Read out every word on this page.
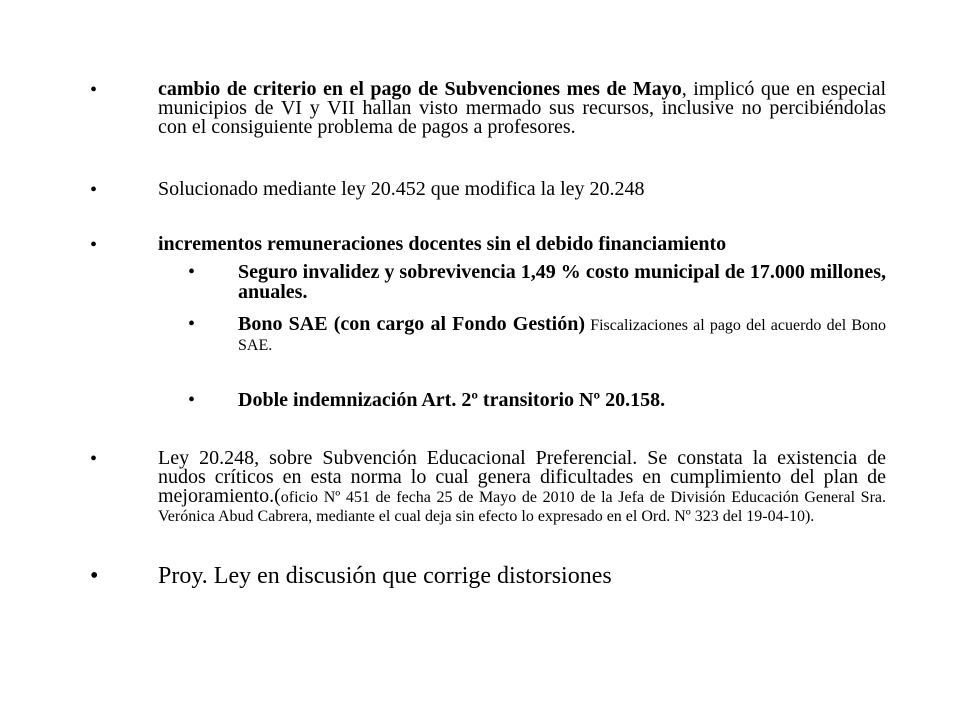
•	cambio de criterio en el pago de Subvenciones mes de Mayo, implicó que en especial municipios de VI y VII hallan visto mermado sus recursos, inclusive no percibiéndolas con el consiguiente problema de pagos a profesores.
•	Solucionado mediante ley 20.452 que modifica la ley 20.248
•	incrementos remuneraciones docentes sin el debido financiamiento
• Seguro invalidez y sobrevivencia 1,49 % costo municipal de 17.000 millones, anuales.
• Bono SAE (con cargo al Fondo Gestión) Fiscalizaciones al pago del acuerdo del Bono SAE.
• Doble indemnización Art. 2º transitorio Nº 20.158.
•	Ley 20.248, sobre Subvención Educacional Preferencial. Se constata la existencia de nudos críticos en esta norma lo cual genera dificultades en cumplimiento del plan de mejoramiento.(oficio Nº 451 de fecha 25 de Mayo de 2010 de la Jefa de División Educación General Sra. Verónica Abud Cabrera, mediante el cual deja sin efecto lo expresado en el Ord. Nº 323 del 19-04-10).
• Proy. Ley en discusión que corrige distorsiones
